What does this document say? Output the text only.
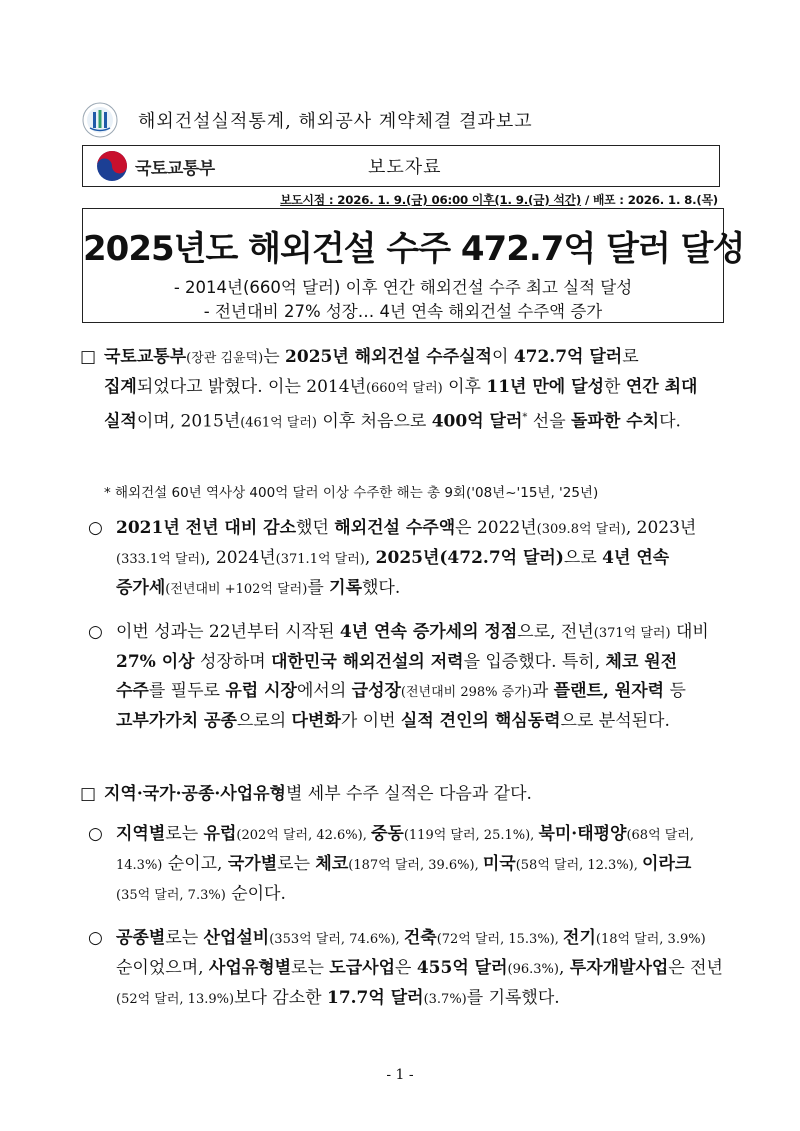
해외건설실적통계, 해외공사 계약체결 결과보고
국토교통부	보도자료
보도시점 : 2026. 1. 9.(금) 06:00 이후(1. 9.(금) 석간) / 배포 : 2026. 1. 8.(목)
2025년도 해외건설 수주 472.7억 달러 달성
- 2014년(660억 달러) 이후 연간 해외건설 수주 최고 실적 달성
- 전년대비 27% 성장… 4년 연속 해외건설 수주액 증가
□ 국토교통부(장관 김윤덕)는 2025년 해외건설 수주실적이 472.7억 달러로 집계되었다고 밝혔다. 이는 2014년(660억 달러) 이후 11년 만에 달성한 연간 최대 실적이며, 2015년(461억 달러) 이후 처음으로 400억 달러* 선을 돌파한 수치다.
* 해외건설 60년 역사상 400억 달러 이상 수주한 해는 총 9회('08년~'15년, '25년)
○ 2021년 전년 대비 감소했던 해외건설 수주액은 2022년(309.8억 달러), 2023년(333.1억 달러), 2024년(371.1억 달러), 2025년(472.7억 달러)으로 4년 연속 증가세(전년대비 +102억 달러)를 기록했다.
○ 이번 성과는 22년부터 시작된 4년 연속 증가세의 정점으로, 전년(371억 달러) 대비 27% 이상 성장하며 대한민국 해외건설의 저력을 입증했다. 특히, 체코 원전 수주를 필두로 유럽 시장에서의 급성장(전년대비 298% 증가)과 플랜트, 원자력 등 고부가가치 공종으로의 다변화가 이번 실적 견인의 핵심동력으로 분석된다.
□ 지역·국가·공종·사업유형별 세부 수주 실적은 다음과 같다.
○ 지역별로는 유럽(202억 달러, 42.6%), 중동(119억 달러, 25.1%), 북미·태평양(68억 달러, 14.3%) 순이고, 국가별로는 체코(187억 달러, 39.6%), 미국(58억 달러, 12.3%), 이라크(35억 달러, 7.3%) 순이다.
○ 공종별로는 산업설비(353억 달러, 74.6%), 건축(72억 달러, 15.3%), 전기(18억 달러, 3.9%) 순이었으며, 사업유형별로는 도급사업은 455억 달러(96.3%), 투자개발사업은 전년(52억 달러, 13.9%)보다 감소한 17.7억 달러(3.7%)를 기록했다.
- 1 -
